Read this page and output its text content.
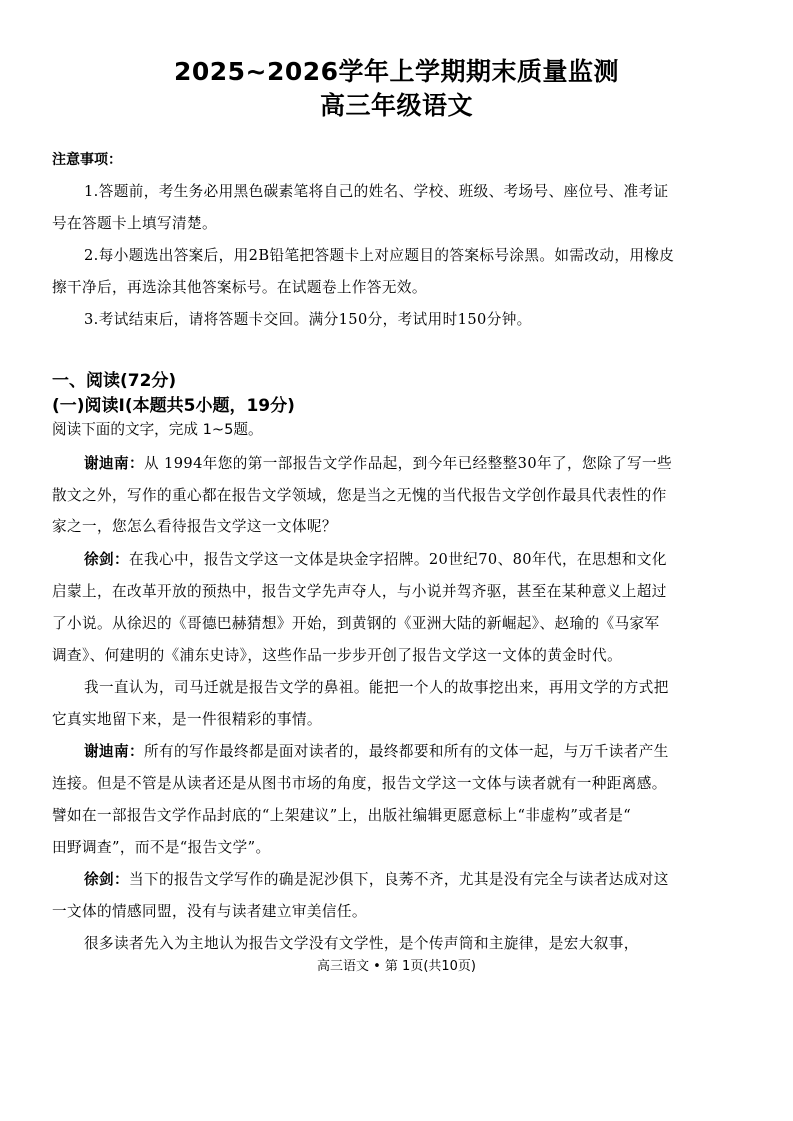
2025~2026学年上学期期末质量监测
高三年级语文
注意事项：
1.答题前，考生务必用黑色碳素笔将自己的姓名、学校、班级、考场号、座位号、准考证
号在答题卡上填写清楚。
2.每小题选出答案后，用2B铅笔把答题卡上对应题目的答案标号涂黑。如需改动，用橡皮
擦干净后，再选涂其他答案标号。在试题卷上作答无效。
3.考试结束后，请将答题卡交回。满分150分，考试用时150分钟。
一、阅读(72分)
(一)阅读Ⅰ(本题共5小题，19分)
阅读下面的文字，完成 1~5题。
谢迪南：从 1994年您的第一部报告文学作品起，到今年已经整整30年了，您除了写一些
散文之外，写作的重心都在报告文学领域，您是当之无愧的当代报告文学创作最具代表性的作
家之一，您怎么看待报告文学这一文体呢？
徐剑：在我心中，报告文学这一文体是块金字招牌。20世纪70、80年代，在思想和文化
启蒙上，在改革开放的预热中，报告文学先声夺人，与小说并驾齐驱，甚至在某种意义上超过
了小说。从徐迟的《哥德巴赫猜想》开始，到黄钢的《亚洲大陆的新崛起》、赵瑜的《马家军
调查》、何建明的《浦东史诗》，这些作品一步步开创了报告文学这一文体的黄金时代。
我一直认为，司马迁就是报告文学的鼻祖。能把一个人的故事挖出来，再用文学的方式把
它真实地留下来，是一件很精彩的事情。
谢迪南：所有的写作最终都是面对读者的，最终都要和所有的文体一起，与万千读者产生
连接。但是不管是从读者还是从图书市场的角度，报告文学这一文体与读者就有一种距离感。
譬如在一部报告文学作品封底的“上架建议”上，出版社编辑更愿意标上“非虚构”或者是“
田野调查”，而不是“报告文学”。
徐剑：当下的报告文学写作的确是泥沙俱下，良莠不齐，尤其是没有完全与读者达成对这
一文体的情感同盟，没有与读者建立审美信任。
很多读者先入为主地认为报告文学没有文学性，是个传声筒和主旋律，是宏大叙事，
高三语文 • 第 1页(共10页)
